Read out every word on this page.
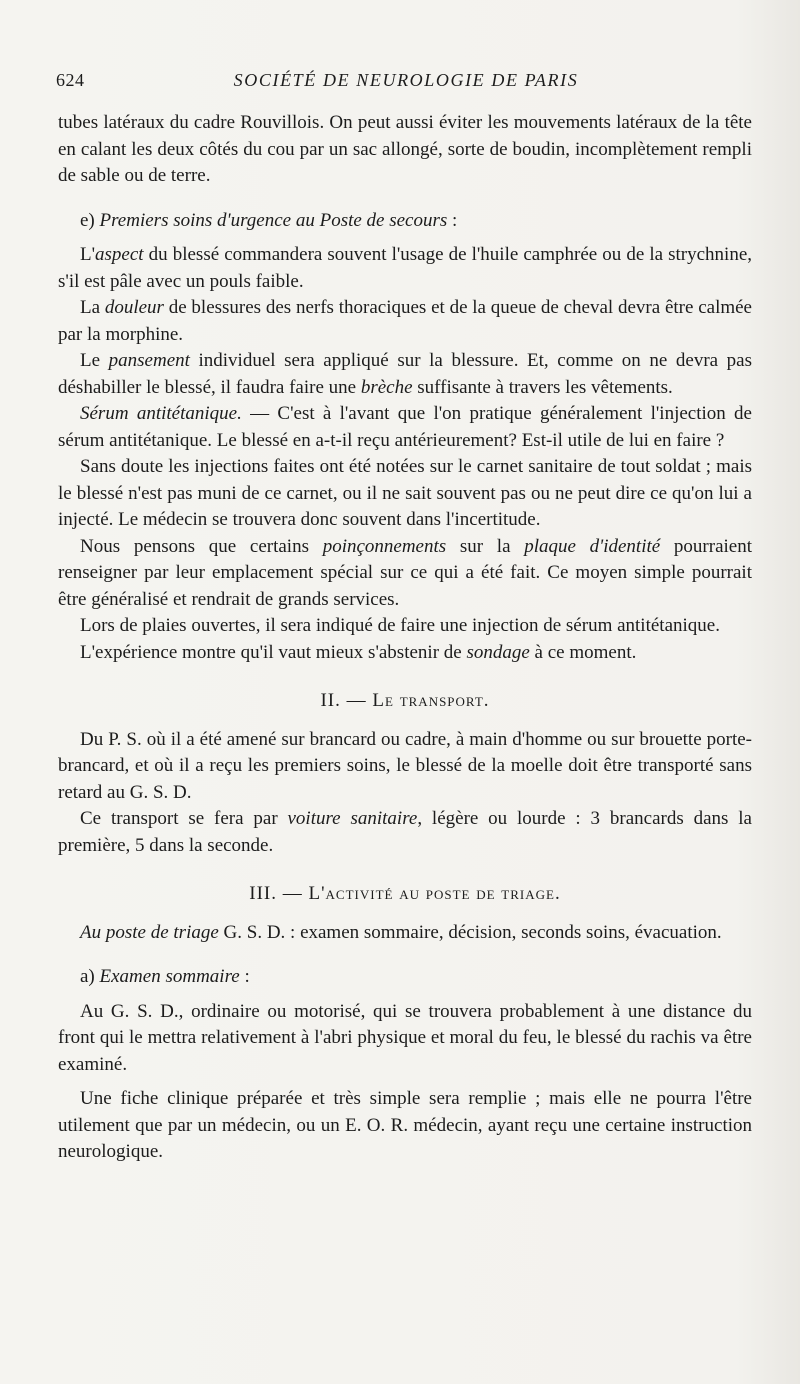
624	SOCIÉTÉ DE NEUROLOGIE DE PARIS

tubes latéraux du cadre Rouvillois. On peut aussi éviter les mouvements latéraux de la tête en calant les deux côtés du cou par un sac allongé, sorte de boudin, incomplètement rempli de sable ou de terre.

e) Premiers soins d'urgence au Poste de secours :

L'aspect du blessé commandera souvent l'usage de l'huile camphrée ou de la strychnine, s'il est pâle avec un pouls faible.

La douleur de blessures des nerfs thoraciques et de la queue de cheval devra être calmée par la morphine.

Le pansement individuel sera appliqué sur la blessure. Et, comme on ne devra pas déshabiller le blessé, il faudra faire une brèche suffisante à travers les vêtements.

Sérum antitétanique. — C'est à l'avant que l'on pratique généralement l'injection de sérum antitétanique. Le blessé en a-t-il reçu antérieurement? Est-il utile de lui en faire ?

Sans doute les injections faites ont été notées sur le carnet sanitaire de tout soldat ; mais le blessé n'est pas muni de ce carnet, ou il ne sait souvent pas ou ne peut dire ce qu'on lui a injecté. Le médecin se trouvera donc souvent dans l'incertitude.

Nous pensons que certains poinçonnements sur la plaque d'identité pourraient renseigner par leur emplacement spécial sur ce qui a été fait. Ce moyen simple pourrait être généralisé et rendrait de grands services.

Lors de plaies ouvertes, il sera indiqué de faire une injection de sérum antitétanique.

L'expérience montre qu'il vaut mieux s'abstenir de sondage à ce moment.

II. — Le transport.

Du P. S. où il a été amené sur brancard ou cadre, à main d'homme ou sur brouette porte-brancard, et où il a reçu les premiers soins, le blessé de la moelle doit être transporté sans retard au G. S. D.

Ce transport se fera par voiture sanitaire, légère ou lourde : 3 brancards dans la première, 5 dans la seconde.

III. — L'activité au poste de triage.

Au poste de triage G. S. D. : examen sommaire, décision, seconds soins, évacuation.

a) Examen sommaire :

Au G. S. D., ordinaire ou motorisé, qui se trouvera probablement à une distance du front qui le mettra relativement à l'abri physique et moral du feu, le blessé du rachis va être examiné.

Une fiche clinique préparée et très simple sera remplie ; mais elle ne pourra l'être utilement que par un médecin, ou un E. O. R. médecin, ayant reçu une certaine instruction neurologique.
